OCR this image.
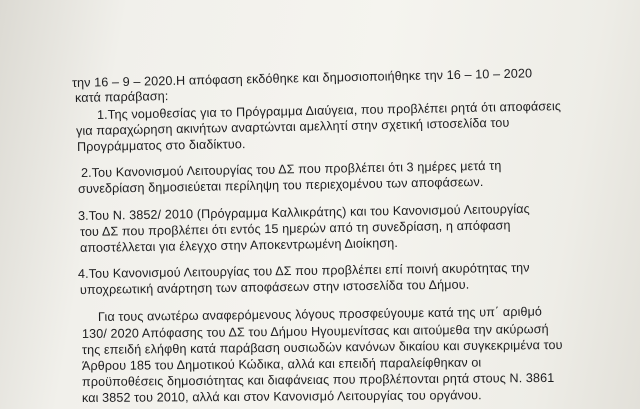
την 16 – 9 – 2020.Η απόφαση εκδόθηκε και δημοσιοποιήθηκε την 16 – 10 – 2020
κατά παράβαση:
1.Της νομοθεσίας για το Πρόγραμμα Διαύγεια, που προβλέπει ρητά ότι αποφάσεις
για παραχώρηση ακινήτων αναρτώνται αμελλητί στην σχετική ιστοσελίδα του
Προγράμματος στο διαδίκτυο.
2.Του Κανονισμού Λειτουργίας του ΔΣ που προβλέπει ότι 3 ημέρες μετά τη
συνεδρίαση δημοσιεύεται περίληψη του περιεχομένου των αποφάσεων.
3.Του Ν. 3852/ 2010 (Πρόγραμμα Καλλικράτης) και του Κανονισμού Λειτουργίας
του ΔΣ που προβλέπει ότι εντός 15 ημερών από τη συνεδρίαση, η απόφαση
αποστέλλεται για έλεγχο στην Αποκεντρωμένη Διοίκηση.
4.Του Κανονισμού Λειτουργίας του ΔΣ που προβλέπει επί ποινή ακυρότητας την
υποχρεωτική ανάρτηση των αποφάσεων στην ιστοσελίδα του Δήμου.
Για τους ανωτέρω αναφερόμενους λόγους προσφεύγουμε κατά της υπ΄ αριθμό
130/ 2020 Απόφασης του ΔΣ του Δήμου Ηγουμενίτσας και αιτούμεθα την ακύρωσή
της επειδή ελήφθη κατά παράβαση ουσιωδών κανόνων δικαίου και συγκεκριμένα του
Άρθρου 185 του Δημοτικού Κώδικα, αλλά και επειδή παραλείφθηκαν οι
προϋποθέσεις δημοσιότητας και διαφάνειας που προβλέπονται ρητά στους Ν. 3861
και 3852 του 2010, αλλά και στον Κανονισμό Λειτουργίας του οργάνου.
